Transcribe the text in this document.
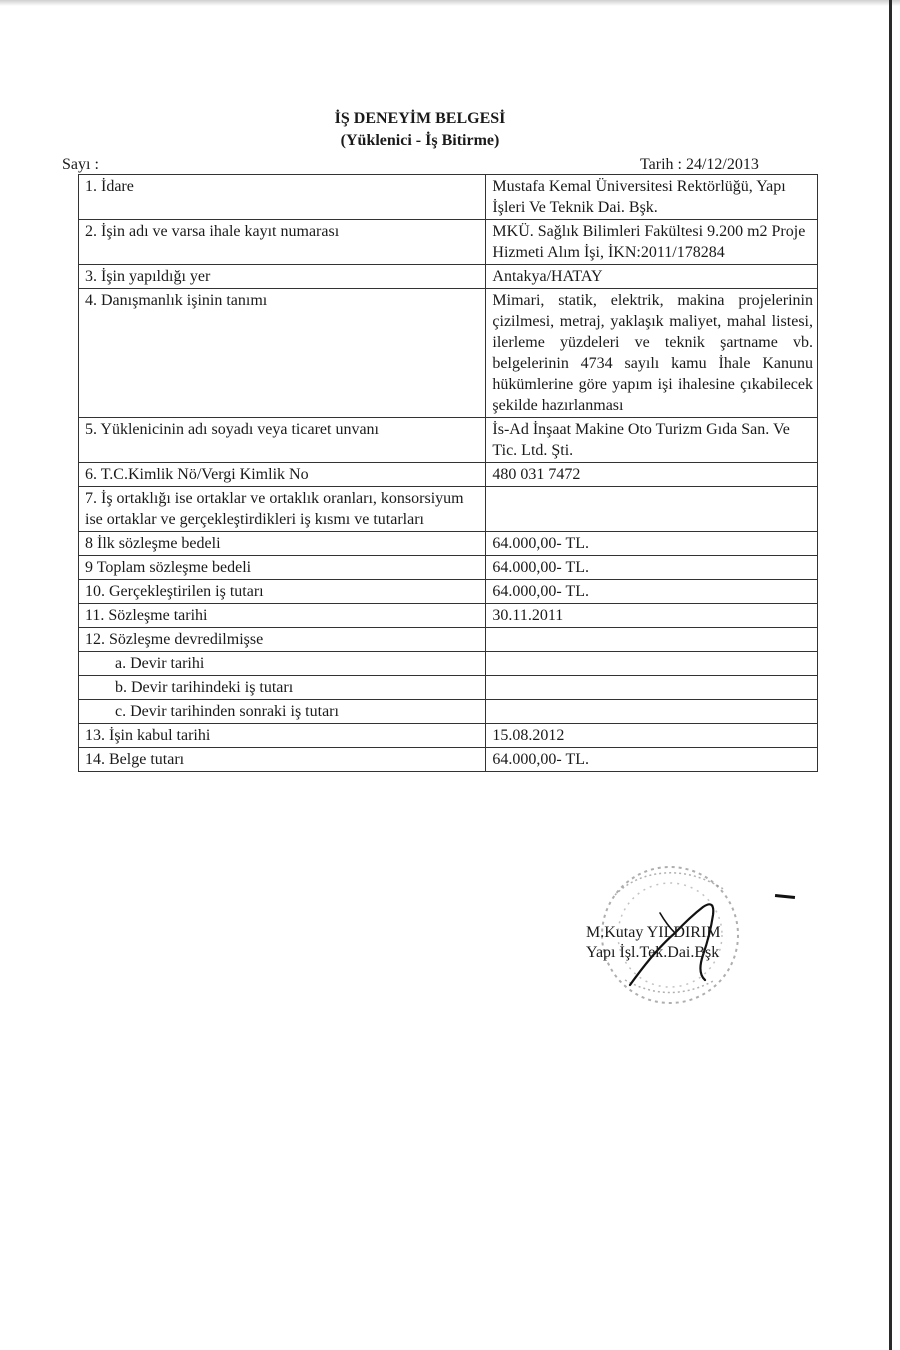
İŞ DENEYİM BELGESİ
(Yüklenici - İş Bitirme)
Sayı :	Tarih : 24/12/2013
1. İdare	Mustafa Kemal Üniversitesi Rektörlüğü, Yapı İşleri Ve Teknik Dai. Bşk.
2. İşin adı ve varsa ihale kayıt numarası	MKÜ. Sağlık Bilimleri Fakültesi 9.200 m2 Proje Hizmeti Alım İşi, İKN:2011/178284
3. İşin yapıldığı yer	Antakya/HATAY
4. Danışmanlık işinin tanımı	Mimari, statik, elektrik, makina projelerinin çizilmesi, metraj, yaklaşık maliyet, mahal listesi, ilerleme yüzdeleri ve teknik şartname vb. belgelerinin 4734 sayılı kamu İhale Kanunu hükümlerine göre yapım işi ihalesine çıkabilecek şekilde hazırlanması
5. Yüklenicinin adı soyadı veya ticaret unvanı	İs-Ad İnşaat Makine Oto Turizm Gıda San. Ve Tic. Ltd. Şti.
6. T.C.Kimlik Nö/Vergi Kimlik No	480 031 7472
7. İş ortaklığı ise ortaklar ve ortaklık oranları, konsorsiyum ise ortaklar ve gerçekleştirdikleri iş kısmı ve tutarları	
8 İlk sözleşme bedeli	64.000,00- TL.
9 Toplam sözleşme bedeli	64.000,00- TL.
10. Gerçekleştirilen iş tutarı	64.000,00- TL.
11. Sözleşme tarihi	30.11.2011
12. Sözleşme devredilmişse	
a. Devir tarihi	
b. Devir tarihindeki iş tutarı	
c. Devir tarihinden sonraki iş tutarı	
13. İşin kabul tarihi	15.08.2012
14. Belge tutarı	64.000,00- TL.
M.Kutay YILDIRIM
Yapı İşl.Tek.Dai.Bşk
